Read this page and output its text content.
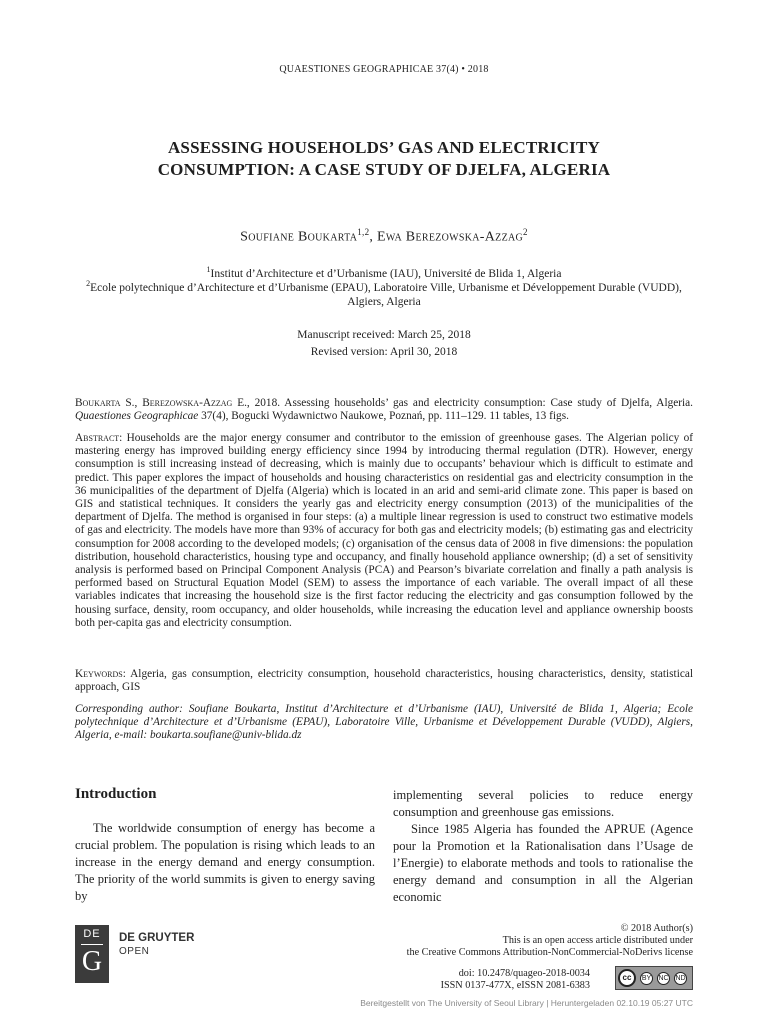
QUAESTIONES GEOGRAPHICAE 37(4) • 2018
ASSESSING HOUSEHOLDS’ GAS AND ELECTRICITY
CONSUMPTION: A CASE STUDY OF DJELFA, ALGERIA
Soufiane Boukarta$^{1,2}$, Ewa Berezowska-Azzag$^2$
$^1$Institut d’Architecture et d’Urbanisme (IAU), Université de Blida 1, Algeria
$^2$Ecole polytechnique d’Architecture et d’Urbanisme (EPAU), Laboratoire Ville, Urbanisme et Développement Durable (VUDD), Algiers, Algeria
Manuscript received: March 25, 2018
Revised version: April 30, 2018
Boukarta S., Berezowska-Azzag E., 2018. Assessing households’ gas and electricity consumption: Case study of Djelfa, Algeria. Quaestiones Geographicae 37(4), Bogucki Wydawnictwo Naukowe, Poznań, pp. 111–129. 11 tables, 13 figs.
Abstract: Households are the major energy consumer and contributor to the emission of greenhouse gases. The Algerian policy of mastering energy has improved building energy efficiency since 1994 by introducing thermal regulation (DTR). However, energy consumption is still increasing instead of decreasing, which is mainly due to occupants’ behaviour which is difficult to estimate and predict. This paper explores the impact of households and housing characteristics on residential gas and electricity consumption in the 36 municipalities of the department of Djelfa (Algeria) which is located in an arid and semi-arid climate zone. This paper is based on GIS and statistical techniques. It considers the yearly gas and electricity energy consumption (2013) of the municipalities of the department of Djelfa. The method is organised in four steps: (a) a multiple linear regression is used to construct two estimative models of gas and electricity. The models have more than 93% of accuracy for both gas and electricity models; (b) estimating gas and electricity consumption for 2008 according to the developed models; (c) organisation of the census data of 2008 in five dimensions: the population distribution, household characteristics, housing type and occupancy, and finally household appliance ownership; (d) a set of sensitivity analysis is performed based on Principal Component Analysis (PCA) and Pearson’s bivariate correlation and finally a path analysis is performed based on Structural Equation Model (SEM) to assess the importance of each variable. The overall impact of all these variables indicates that increasing the household size is the first factor reducing the electricity and gas consumption followed by the housing surface, density, room occupancy, and older households, while increasing the education level and appliance ownership boosts both per-capita gas and electricity consumption.
Keywords: Algeria, gas consumption, electricity consumption, household characteristics, housing characteristics, density, statistical approach, GIS
Corresponding author: Soufiane Boukarta, Institut d’Architecture et d’Urbanisme (IAU), Université de Blida 1, Algeria; Ecole polytechnique d’Architecture et d’Urbanisme (EPAU), Laboratoire Ville, Urbanisme et Développement Durable (VUDD), Algiers, Algeria, e-mail: boukarta.soufiane@univ-blida.dz
Introduction
The worldwide consumption of energy has become a crucial problem. The population is rising which leads to an increase in the energy demand and energy consumption. The priority of the world summits is given to energy saving by

implementing several policies to reduce energy consumption and greenhouse gas emissions.

Since 1985 Algeria has founded the APRUE (Agence pour la Promotion et la Rationalisation dans l’Usage de l’Energie) to elaborate methods and tools to rationalise the energy demand and consumption in all the Algerian economic

DE
G
DE GRUYTER
OPEN
© 2018 Author(s)
This is an open access article distributed under
the Creative Commons Attribution-NonCommercial-NoDerivs license
doi: 10.2478/quageo-2018-0034
ISSN 0137-477X, eISSN 2081-6383
cc	BY NC ND
Bereitgestellt von The University of Seoul Library | Heruntergeladen 02.10.19 05:27 UTC
